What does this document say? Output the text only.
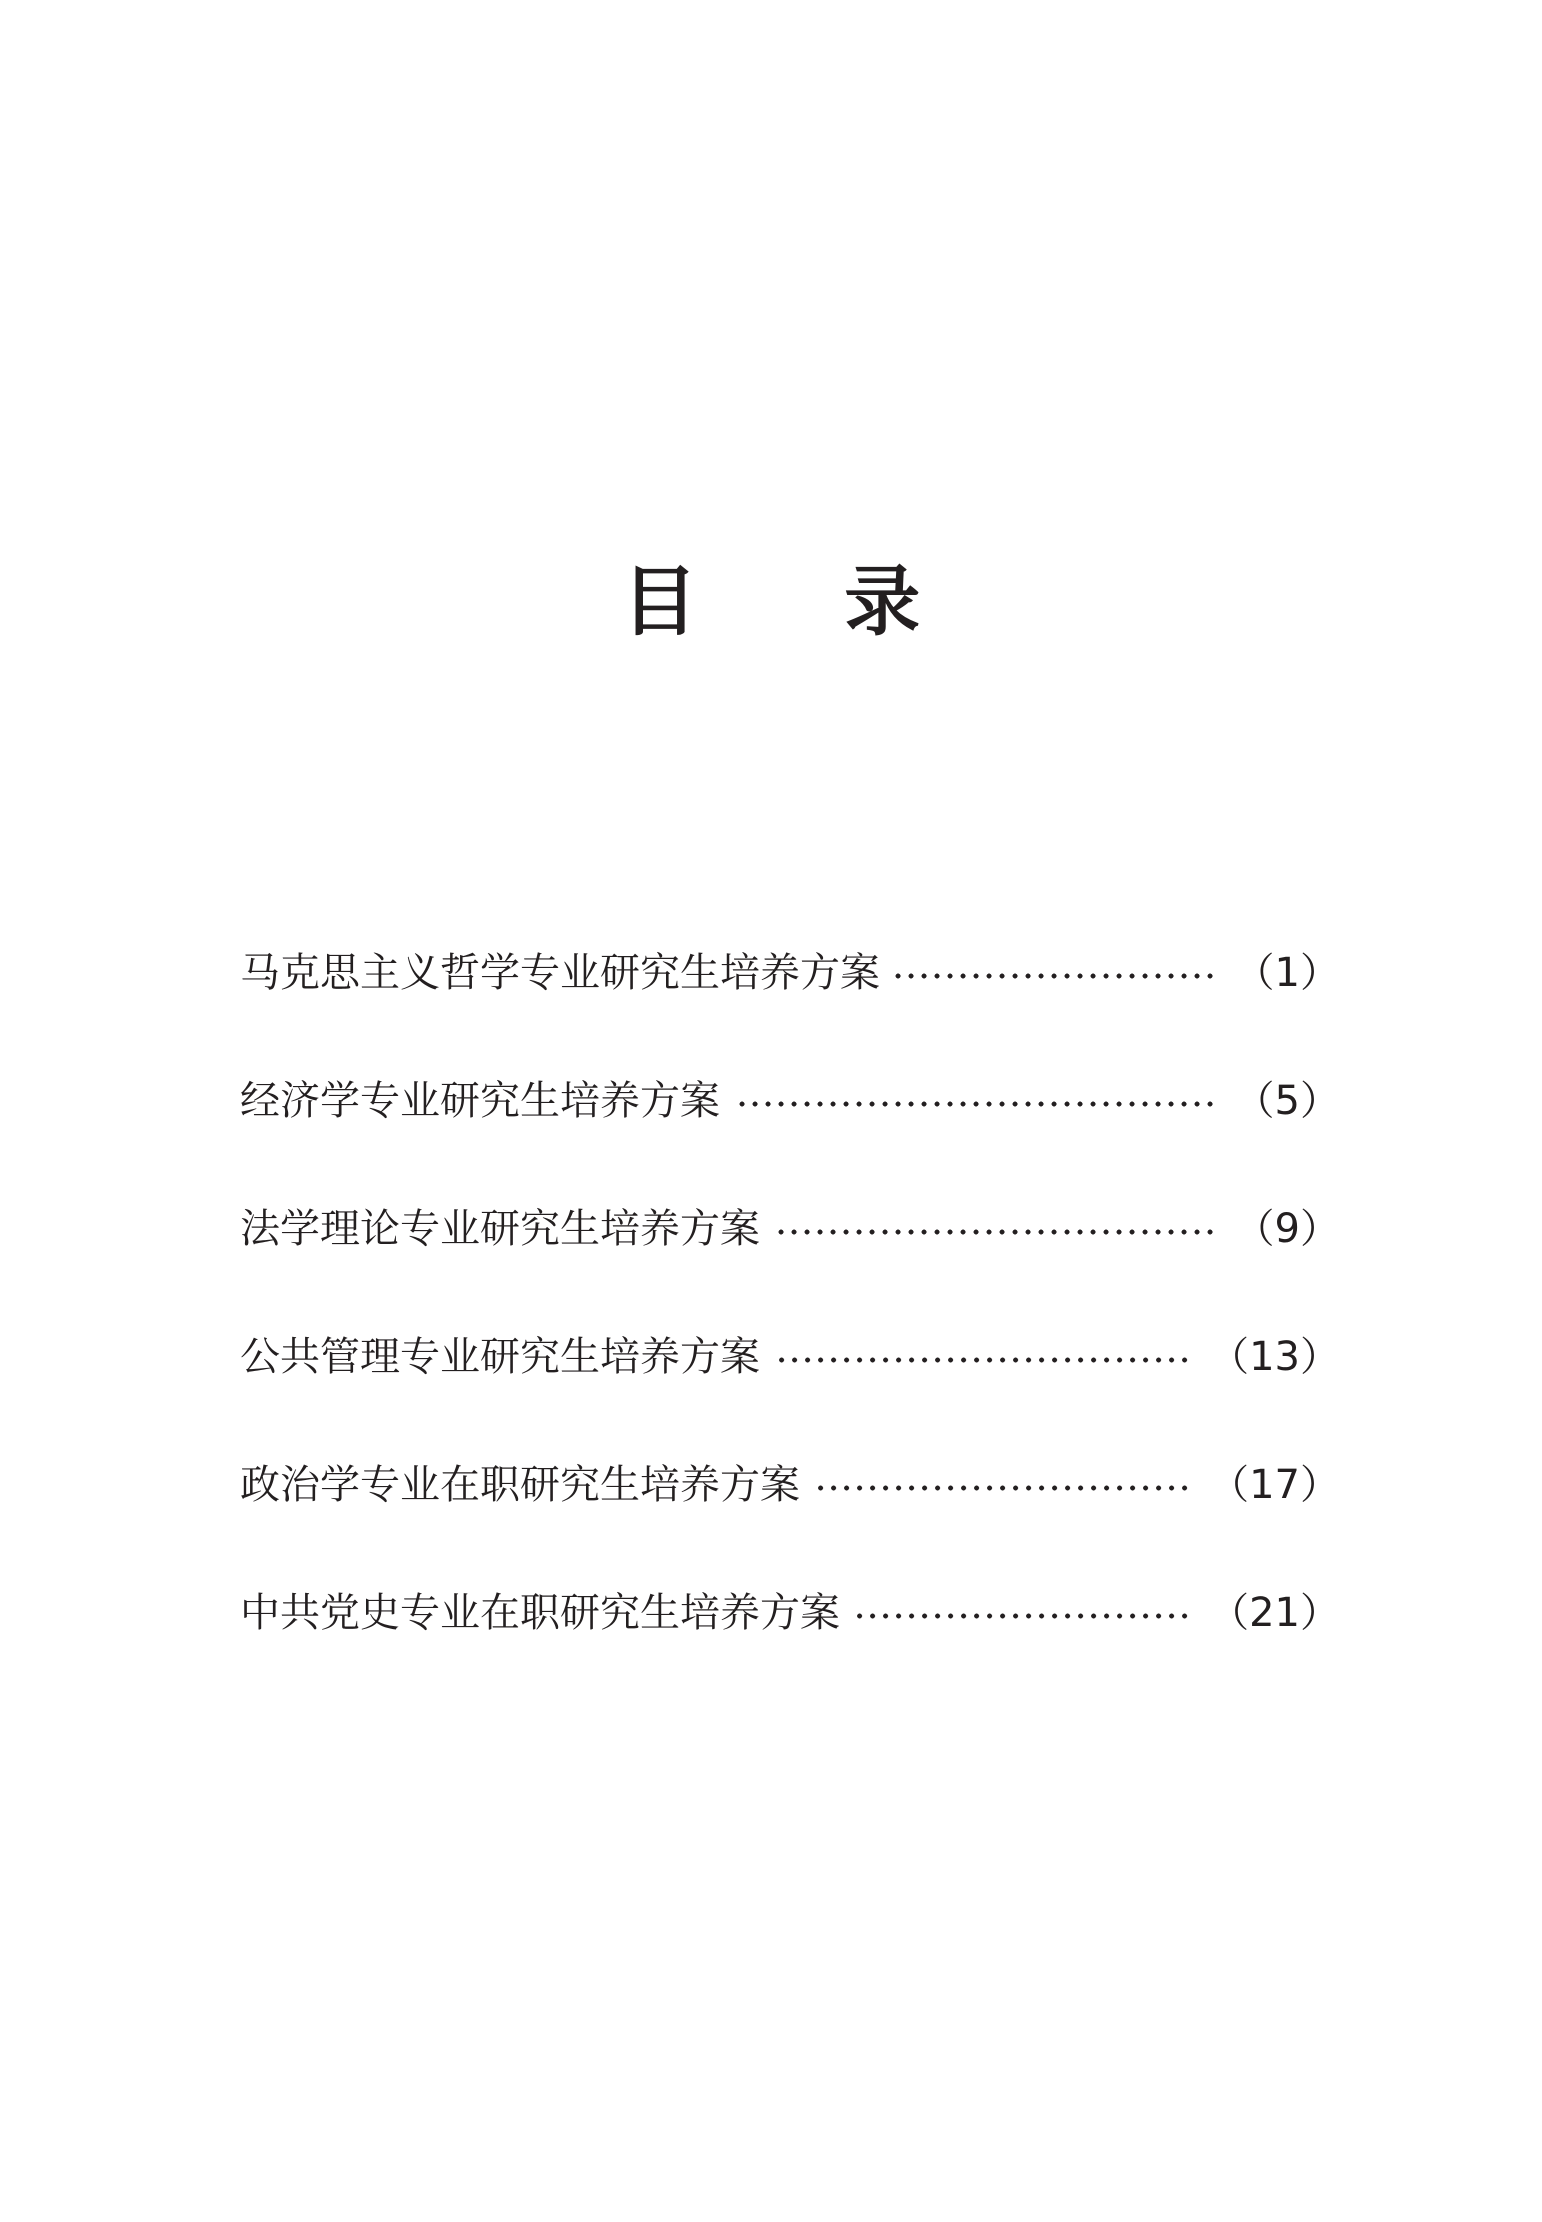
目 录
马克思主义哲学专业研究生培养方案	（1）
经济学专业研究生培养方案	（5）
法学理论专业研究生培养方案	（9）
公共管理专业研究生培养方案	（13）
政治学专业在职研究生培养方案	（17）
中共党史专业在职研究生培养方案	（21）
